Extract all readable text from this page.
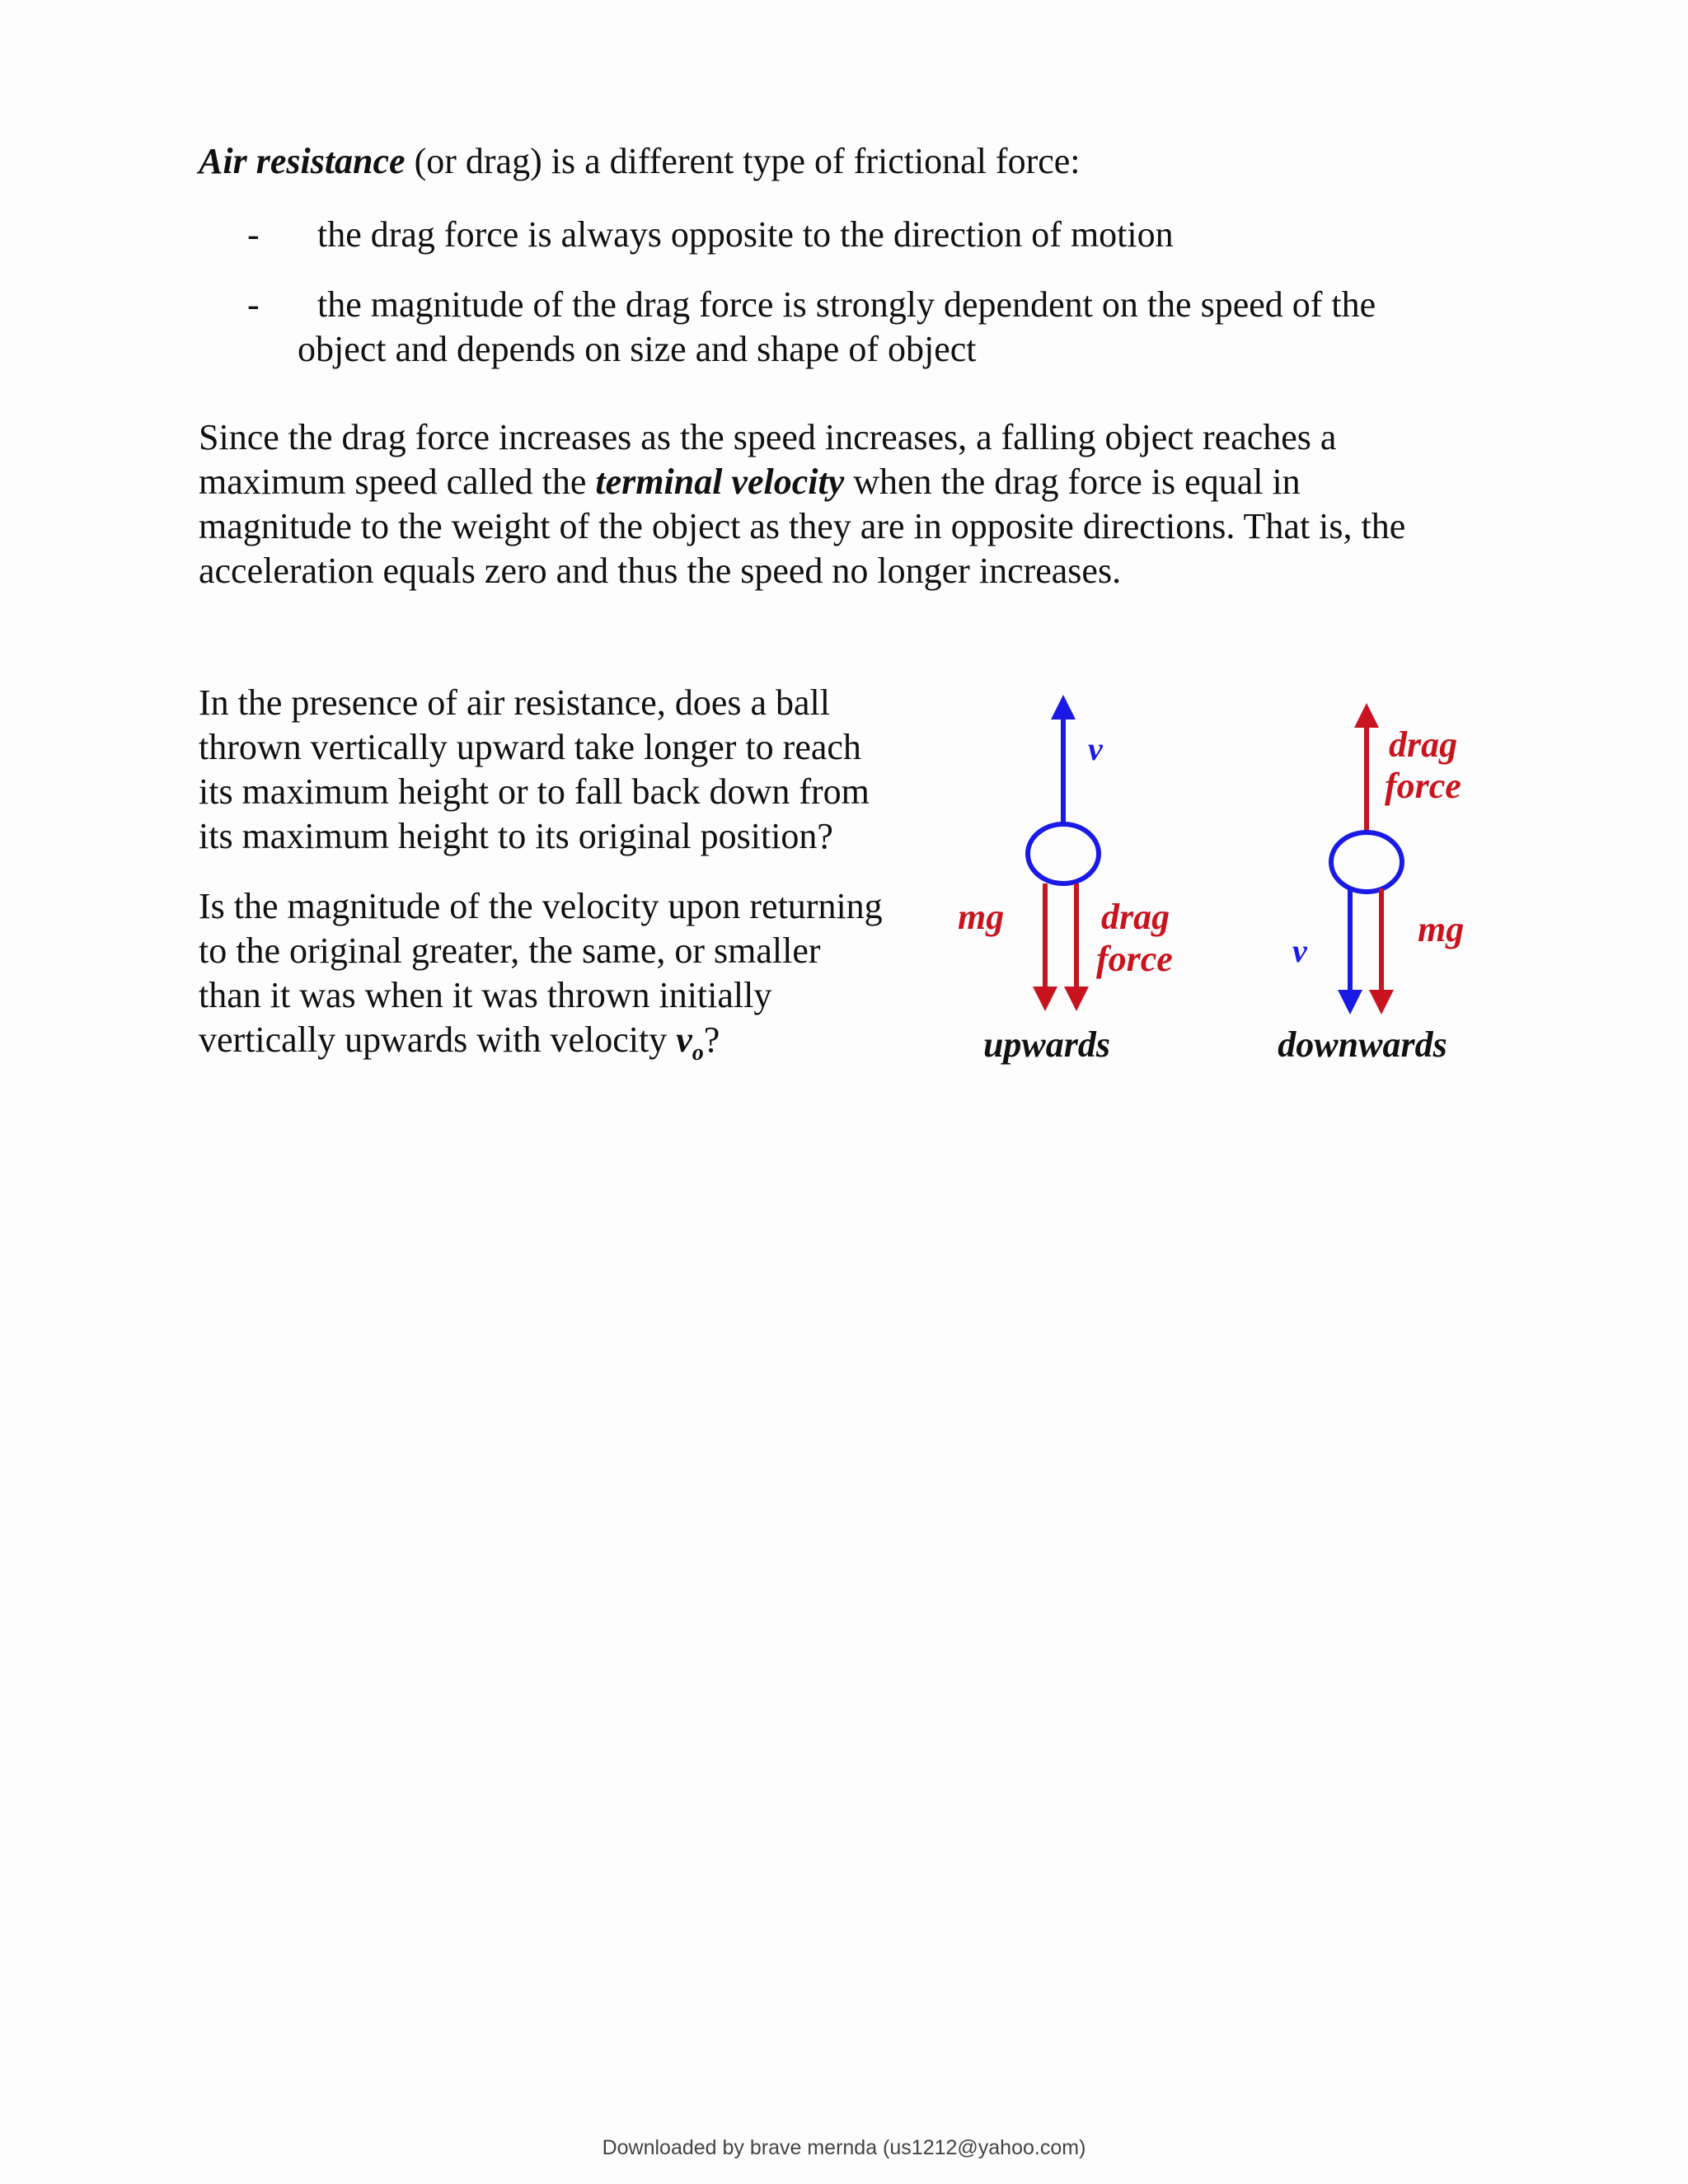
Air resistance (or drag) is a different type of frictional force:

- the drag force is always opposite to the direction of motion

- the magnitude of the drag force is strongly dependent on the speed of the

object and depends on size and shape of object

Since the drag force increases as the speed increases, a falling object reaches a

maximum speed called the terminal velocity when the drag force is equal in

magnitude to the weight of the object as they are in opposite directions. That is, the

acceleration equals zero and thus the speed no longer increases.

In the presence of air resistance, does a ball

thrown vertically upward take longer to reach

its maximum height or to fall back down from

its maximum height to its original position?

Is the magnitude of the velocity upon returning

to the original greater, the same, or smaller

than it was when it was thrown initially

vertically upwards with velocity $v_o$?

v
mg	drag
force
upwards
drag
force
v
mg
downwards
Downloaded by brave mernda (us1212@yahoo.com)
